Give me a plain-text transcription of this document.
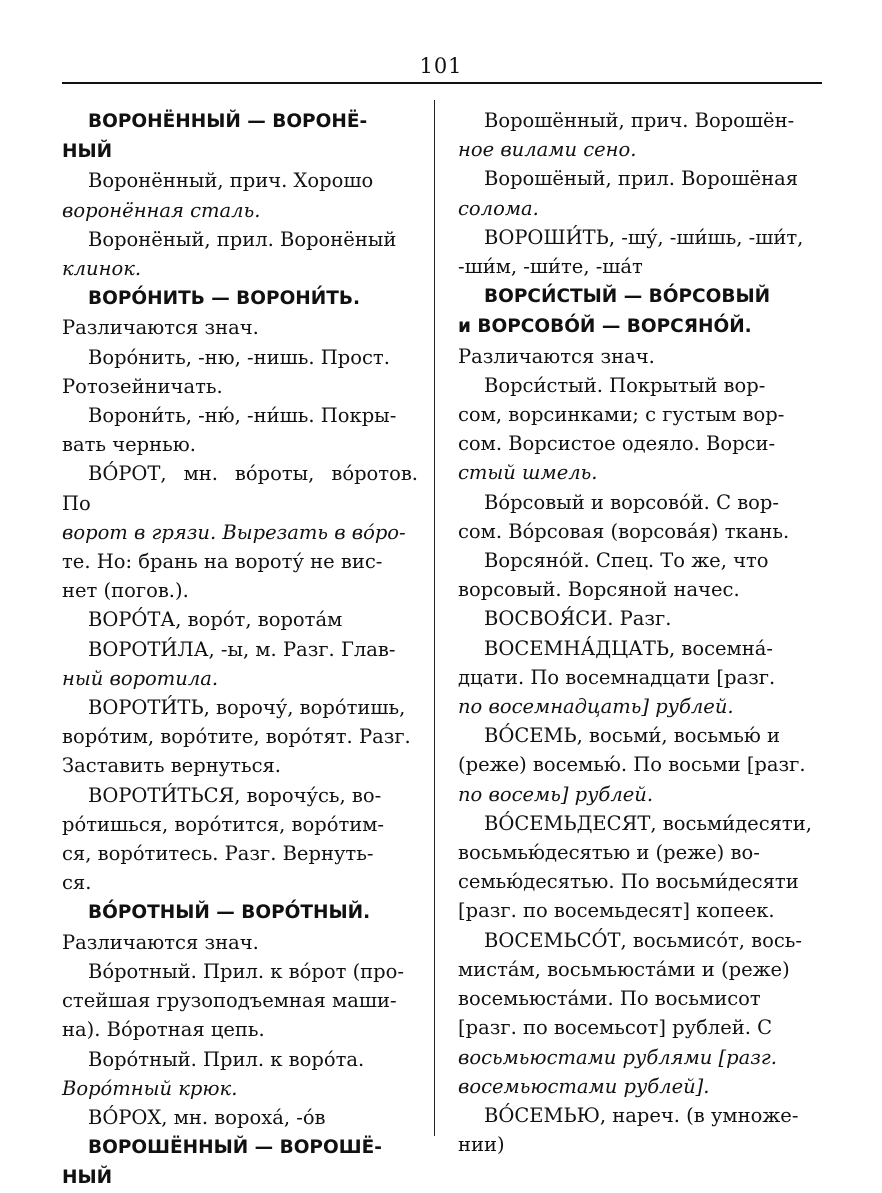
101

ВОРОНЁННЫЙ — ВОРОНЁ-
НЫЙ

Воронённый, прич. Хорошо
воронённая сталь.

Воронёный, прил. Воронёный
клинок.

ВОРО́НИТЬ — ВОРОНИ́ТЬ.
Различаются знач.

Воро́нить, -ню, -нишь. Прост.
Ротозейничать.

Ворони́ть, -ню́, -ни́шь. Покры-
вать чернью.

ВО́РОТ, мн. во́роты, во́ротов. По
ворот в грязи. Вырезать в во́ро-
те. Но: брань на вороту́ не вис-
нет (погов.).

ВОРО́ТА, воро́т, ворота́м

ВОРОТИ́ЛА, -ы, м. Разг. Глав-
ный воротила.

ВОРОТИ́ТЬ, ворочу́, воро́тишь,
воро́тим, воро́тите, воро́тят. Разг.
Заставить вернуться.

ВОРОТИ́ТЬСЯ, ворочу́сь, во-
ро́тишься, воро́тится, воро́тим-
ся, воро́титесь. Разг. Вернуть-
ся.

ВО́РОТНЫЙ — ВОРО́ТНЫЙ.
Различаются знач.

Во́ротный. Прил. к во́рот (про-
стейшая грузоподъемная маши-
на). Во́ротная цепь.

Воро́тный. Прил. к воро́та.
Воро́тный крюк.

ВО́РОХ, мн. вороха́, -о́в

ВОРОШЁННЫЙ — ВОРОШЁ-
НЫЙ

Ворошённый, прич. Ворошён-
ное вилами сено.

Ворошёный, прил. Ворошёная
солома.

ВОРОШИ́ТЬ, -шу́, -ши́шь, -ши́т,
-ши́м, -ши́те, -ша́т

ВОРСИ́СТЫЙ — ВО́РСОВЫЙ
и ВОРСОВО́Й — ВОРСЯНО́Й.
Различаются знач.

Ворси́стый. Покрытый вор-
сом, ворсинками; с густым вор-
сом. Ворсистое одеяло. Ворси-
стый шмель.

Во́рсовый и ворсово́й. С вор-
сом. Во́рсовая (ворсова́я) ткань.

Ворсяно́й. Спец. То же, что
ворсовый. Ворсяной начес.

ВОСВОЯ́СИ. Разг.

ВОСЕМНА́ДЦАТЬ, восемна́-
дцати. По восемнадцати [разг.
по восемнадцать] рублей.

ВО́СЕМЬ, восьми́, восьмью́ и
(реже) восемью́. По восьми [разг.
по восемь] рублей.

ВО́СЕМЬДЕСЯТ, восьми́десяти,
восьмью́десятью и (реже) во-
семью́десятью. По восьми́десяти
[разг. по восемьдесят] копеек.

ВОСЕМЬСО́Т, восьмисо́т, вось-
миста́м, восьмьюста́ми и (реже)
восемьюста́ми. По восьмисот
[разг. по восемьсот] рублей. С
восьмьюстами рублями [разг.
восемьюстами рублей].

ВО́СЕМЬЮ, нареч. (в умноже-
нии)
